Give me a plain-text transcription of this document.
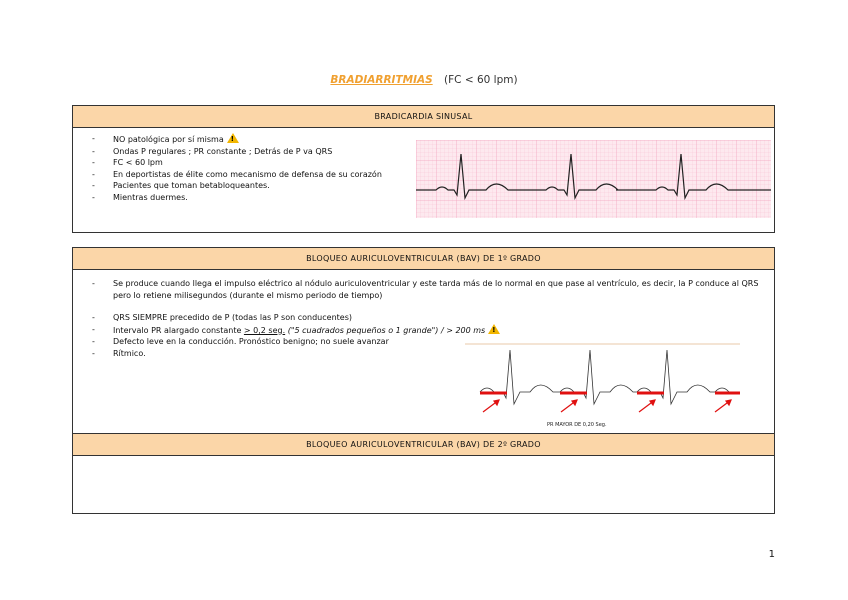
BRADIARRITMIAS (FC < 60 lpm)
BRADICARDIA SINUSAL
- NO patológica por sí misma!
- Ondas P regulares ; PR constante ; Detrás de P va QRS
- FC < 60 lpm
- En deportistas de élite como mecanismo de defensa de su corazón
- Pacientes que toman betabloqueantes.
- Mientras duermes.
BLOQUEO AURICULOVENTRICULAR (BAV) DE 1º GRADO
- Se produce cuando llega el impulso eléctrico al nódulo auriculoventricular y este tarda más de lo normal en que pase al ventrículo, es decir, la P conduce al QRS pero lo retiene milisegundos (durante el mismo periodo de tiempo)
- QRS SIEMPRE precedido de P (todas las P son conducentes)
- Intervalo PR alargado constante > 0,2 seg. ("5 cuadrados pequeños o 1 grande") / > 200 ms!
- Defecto leve en la conducción. Pronóstico benigno; no suele avanzar
- Rítmico.
PR MAYOR DE 0,20 Seg.
BLOQUEO AURICULOVENTRICULAR (BAV) DE 2º GRADO
1
